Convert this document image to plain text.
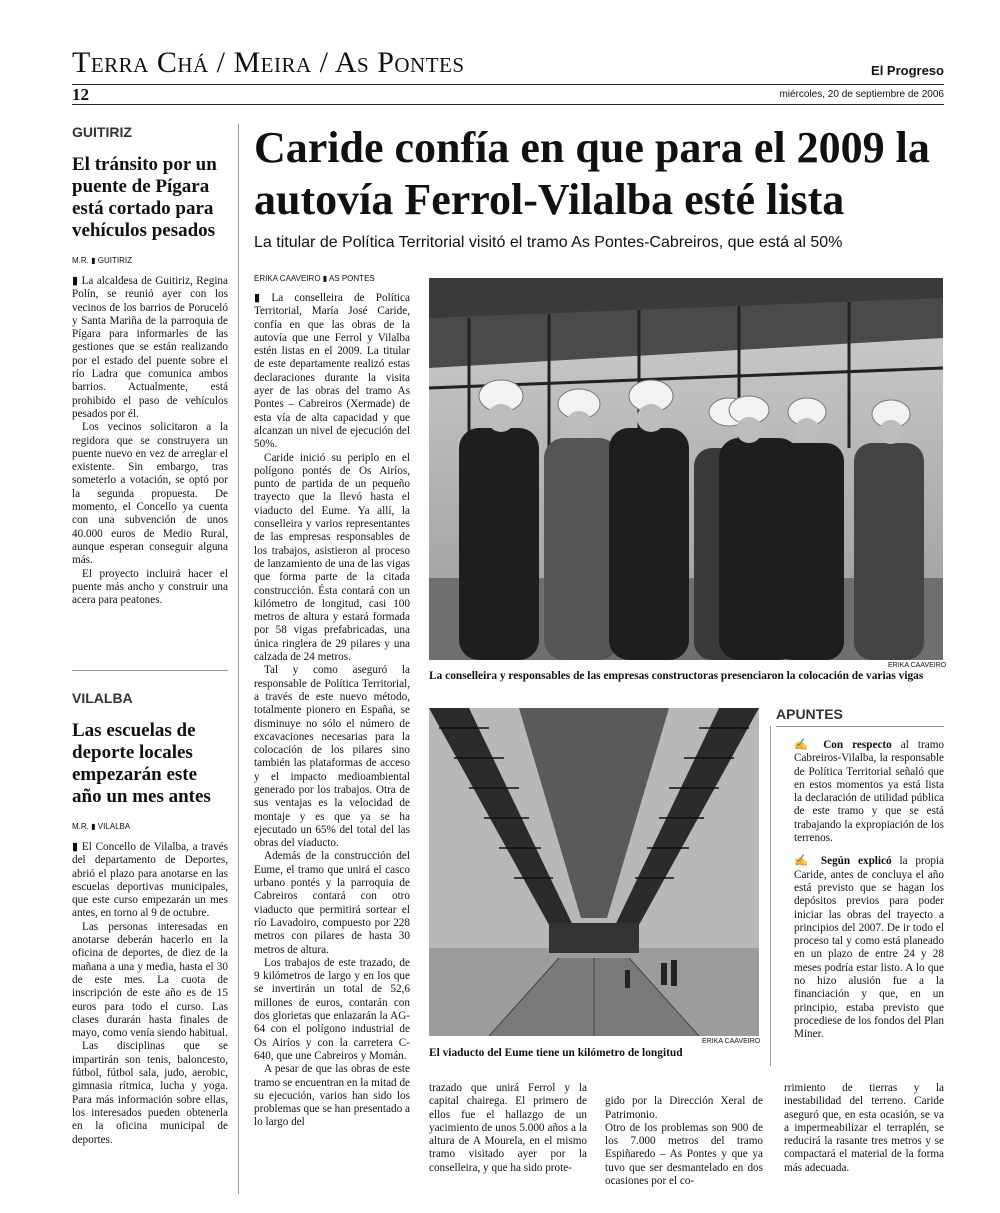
Terra Chá / Meira / As Pontes	El Progreso
12	miércoles, 20 de septiembre de 2006
GUITIRIZ
El tránsito por un puente de Pígara está cortado para vehículos pesados
M.R. ▮ GUITIRIZ

▮ La alcaldesa de Guitiriz, Regina Polín, se reunió ayer con los vecinos de los barrios de Poruceló y Santa Mariña de la parroquia de Pígara para informarles de las gestiones que se están realizando por el estado del puente sobre el río Ladra que comunica ambos barrios. Actualmente, está prohibido el paso de vehículos pesados por él.

Los vecinos solicitaron a la regidora que se construyera un puente nuevo en vez de arreglar el existente. Sin embargo, tras someterlo a votación, se optó por la segunda propuesta. De momento, el Concello ya cuenta con una subvención de unos 40.000 euros de Medio Rural, aunque esperan conseguir alguna más.

El proyecto incluirá hacer el puente más ancho y construir una acera para peatones.

VILALBA
Las escuelas de deporte locales empezarán este año un mes antes
M.R. ▮ VILALBA

▮ El Concello de Vilalba, a través del departamento de Deportes, abrió el plazo para anotarse en las escuelas deportivas municipales, que este curso empezarán un mes antes, en torno al 9 de octubre.

Las personas interesadas en anotarse deberán hacerlo en la oficina de deportes, de diez de la mañana a una y media, hasta el 30 de este mes. La cuota de inscripción de este año es de 15 euros para todo el curso. Las clases durarán hasta finales de mayo, como venía siendo habitual.

Las disciplinas que se impartirán son tenis, baloncesto, fútbol, fútbol sala, judo, aerobic, gimnasia rítmica, lucha y yoga. Para más información sobre ellas, los interesados pueden obtenerla en la oficina municipal de deportes.

Caride confía en que para el 2009 la autovía Ferrol-Vilalba esté lista
La titular de Política Territorial visitó el tramo As Pontes-Cabreiros, que está al 50%
ERIKA CAAVEIRO ▮ AS PONTES

▮ La conselleira de Política Territorial, María José Caride, confía en que las obras de la autovía que une Ferrol y Vilalba estén listas en el 2009. La titular de este departamente realizó estas declaraciones durante la visita ayer de las obras del tramo As Pontes – Cabreiros (Xermade) de esta vía de alta capacidad y que alcanzan un nivel de ejecución del 50%.

Caride inició su periplo en el polígono pontés de Os Airíos, punto de partida de un pequeño trayecto que la llevó hasta el viaducto del Eume. Ya allí, la conselleira y varios representantes de las empresas responsables de los trabajos, asistieron al proceso de lanzamiento de una de las vigas que forma parte de la citada construcción. Ésta contará con un kilómetro de longitud, casi 100 metros de altura y estará formada por 58 vigas prefabricadas, una única ringlera de 29 pilares y una calzada de 24 metros.

Tal y como aseguró la responsable de Política Territorial, a través de este nuevo método, totalmente pionero en España, se disminuye no sólo el número de excavaciones necesarias para la colocación de los pilares sino también las plataformas de acceso y el impacto medioambiental generado por los trabajos. Otra de sus ventajas es la velocidad de montaje y es que ya se ha ejecutado un 65% del total del las obras del viaducto.

Además de la construcción del Eume, el tramo que unirá el casco urbano pontés y la parroquia de Cabreiros contará con otro viaducto que permitirá sortear el río Lavadoiro, compuesto por 228 metros con pilares de hasta 30 metros de altura.

Los trabajos de este trazado, de 9 kilómetros de largo y en los que se invertirán un total de 52,6 millones de euros, contarán con dos glorietas que enlazarán la AG-64 con el polígono industrial de Os Airíos y con la carretera C-640, que une Cabreiros y Momán.

A pesar de que las obras de este tramo se encuentran en la mitad de su ejecución, varios han sido los problemas que se han presentado a lo largo del

ERIKA CAAVEIRO
La conselleira y responsables de las empresas constructoras presenciaron la colocación de varias vigas
ERIKA CAAVEIRO
El viaducto del Eume tiene un kilómetro de longitud
APUNTES
✍ Con respecto al tramo Cabreiros-Vilalba, la responsable de Política Territorial señaló que en estos momentos ya está lista la declaración de utilidad pública de este tramo y que se está trabajando la expropiación de los terrenos.
✍ Según explicó la propia Caride, antes de concluya el año está previsto que se hagan los depósitos previos para poder iniciar las obras del trayecto a principios del 2007. De ir todo el proceso tal y como está planeado en un plazo de entre 24 y 28 meses podría estar listo. A lo que no hizo alusión fue a la financiación y que, en un principio, estaba previsto que procediese de los fondos del Plan Miner.

trazado que unirá Ferrol y la capital chairega. El primero de ellos fue el hallazgo de un yacimiento de unos 5.000 años a la altura de A Mourela, en el mismo tramo visitado ayer por la conselleira, y que ha sido prote-

gido por la Dirección Xeral de Patrimonio.
Otro de los problemas son 900 de los 7.000 metros del tramo Espiñaredo – As Pontes y que ya tuvo que ser desmantelado en dos ocasiones por el co-

rrimiento de tierras y la inestabilidad del terreno. Caride aseguró que, en esta ocasión, se va a impermeabilizar el terraplén, se reducirá la rasante tres metros y se compactará el material de la forma más adecuada.
